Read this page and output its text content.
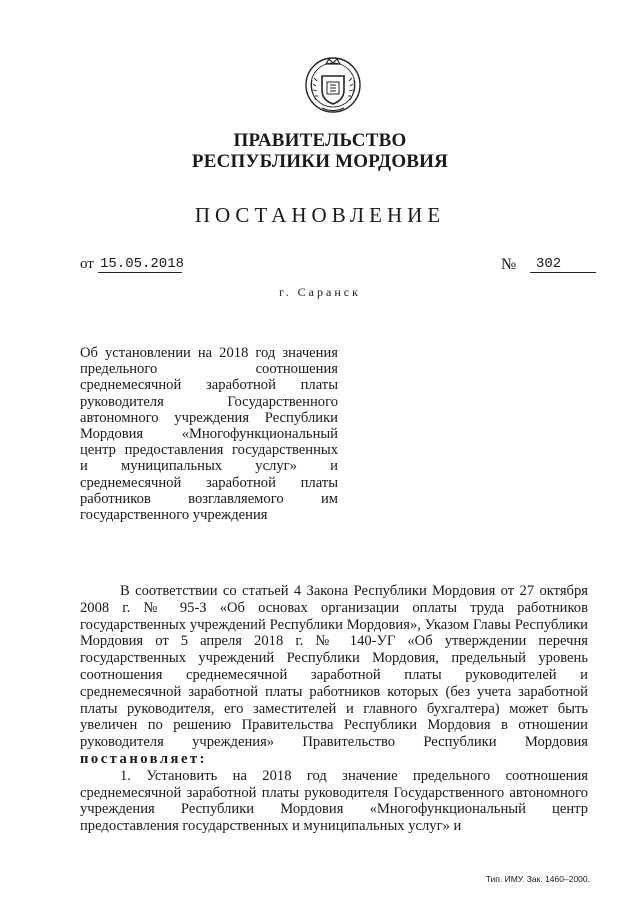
ПРАВИТЕЛЬСТВО
РЕСПУБЛИКИ МОРДОВИЯ
ПОСТАНОВЛЕНИЕ
от 15.05.2018	№	302
г. Саранск
Об установлении на 2018 год значения предельного соотношения среднемесячной заработной платы руководителя Государственного автономного учреждения Республики Мордовия «Многофункциональный центр предоставления государственных и муниципальных услуг» и среднемесячной заработной платы работников возглавляемого им государственного учреждения

В соответствии со статьей 4 Закона Республики Мордовия от 27 октября 2008 г. № 95-З «Об основах организации оплаты труда работников государственных учреждений Республики Мордовия», Указом Главы Республики Мордовия от 5 апреля 2018 г. № 140-УГ «Об утверждении перечня государственных учреждений Республики Мордовия, предельный уровень соотношения среднемесячной заработной платы руководителей и среднемесячной заработной платы работников которых (без учета заработной платы руководителя, его заместителей и главного бухгалтера) может быть увеличен по решению Правительства Республики Мордовия в отношении руководителя учреждения» Правительство Республики Мордовия постановляет:

1. Установить на 2018 год значение предельного соотношения среднемесячной заработной платы руководителя Государственного автономного учреждения Республики Мордовия «Многофункциональный центр предоставления государственных и муниципальных услуг» и

Тип. ИМУ. Зак. 1460–2000.
